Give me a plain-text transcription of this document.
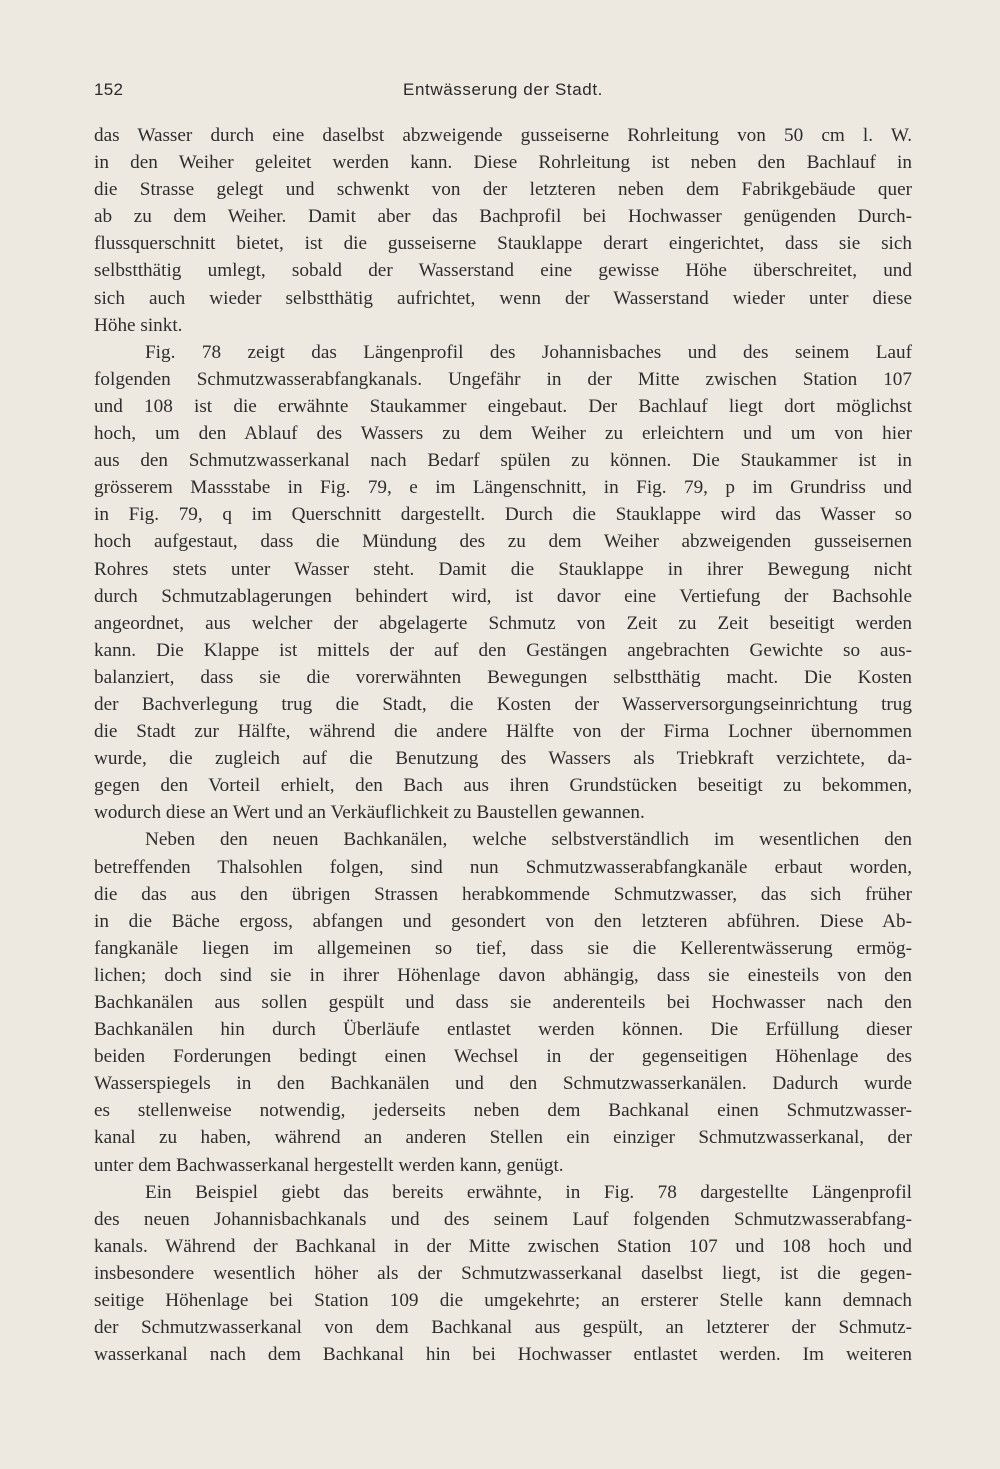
152	Entwässerung der Stadt.
das Wasser durch eine daselbst abzweigende gusseiserne Rohrleitung von 50 cm l. W.
in den Weiher geleitet werden kann. Diese Rohrleitung ist neben den Bachlauf in
die Strasse gelegt und schwenkt von der letzteren neben dem Fabrikgebäude quer
ab zu dem Weiher. Damit aber das Bachprofil bei Hochwasser genügenden Durch-
flussquerschnitt bietet, ist die gusseiserne Stauklappe derart eingerichtet, dass sie sich
selbstthätig umlegt, sobald der Wasserstand eine gewisse Höhe überschreitet, und
sich auch wieder selbstthätig aufrichtet, wenn der Wasserstand wieder unter diese
Höhe sinkt.
Fig. 78 zeigt das Längenprofil des Johannisbaches und des seinem Lauf
folgenden Schmutzwasserabfangkanals. Ungefähr in der Mitte zwischen Station 107
und 108 ist die erwähnte Staukammer eingebaut. Der Bachlauf liegt dort möglichst
hoch, um den Ablauf des Wassers zu dem Weiher zu erleichtern und um von hier
aus den Schmutzwasserkanal nach Bedarf spülen zu können. Die Staukammer ist in
grösserem Massstabe in Fig. 79, e im Längenschnitt, in Fig. 79, p im Grundriss und
in Fig. 79, q im Querschnitt dargestellt. Durch die Stauklappe wird das Wasser so
hoch aufgestaut, dass die Mündung des zu dem Weiher abzweigenden gusseisernen
Rohres stets unter Wasser steht. Damit die Stauklappe in ihrer Bewegung nicht
durch Schmutzablagerungen behindert wird, ist davor eine Vertiefung der Bachsohle
angeordnet, aus welcher der abgelagerte Schmutz von Zeit zu Zeit beseitigt werden
kann. Die Klappe ist mittels der auf den Gestängen angebrachten Gewichte so aus-
balanziert, dass sie die vorerwähnten Bewegungen selbstthätig macht. Die Kosten
der Bachverlegung trug die Stadt, die Kosten der Wasserversorgungseinrichtung trug
die Stadt zur Hälfte, während die andere Hälfte von der Firma Lochner übernommen
wurde, die zugleich auf die Benutzung des Wassers als Triebkraft verzichtete, da-
gegen den Vorteil erhielt, den Bach aus ihren Grundstücken beseitigt zu bekommen,
wodurch diese an Wert und an Verkäuflichkeit zu Baustellen gewannen.
Neben den neuen Bachkanälen, welche selbstverständlich im wesentlichen den
betreffenden Thalsohlen folgen, sind nun Schmutzwasserabfangkanäle erbaut worden,
die das aus den übrigen Strassen herabkommende Schmutzwasser, das sich früher
in die Bäche ergoss, abfangen und gesondert von den letzteren abführen. Diese Ab-
fangkanäle liegen im allgemeinen so tief, dass sie die Kellerentwässerung ermög-
lichen; doch sind sie in ihrer Höhenlage davon abhängig, dass sie einesteils von den
Bachkanälen aus sollen gespült und dass sie anderenteils bei Hochwasser nach den
Bachkanälen hin durch Überläufe entlastet werden können. Die Erfüllung dieser
beiden Forderungen bedingt einen Wechsel in der gegenseitigen Höhenlage des
Wasserspiegels in den Bachkanälen und den Schmutzwasserkanälen. Dadurch wurde
es stellenweise notwendig, jederseits neben dem Bachkanal einen Schmutzwasser-
kanal zu haben, während an anderen Stellen ein einziger Schmutzwasserkanal, der
unter dem Bachwasserkanal hergestellt werden kann, genügt.
Ein Beispiel giebt das bereits erwähnte, in Fig. 78 dargestellte Längenprofil
des neuen Johannisbachkanals und des seinem Lauf folgenden Schmutzwasserabfang-
kanals. Während der Bachkanal in der Mitte zwischen Station 107 und 108 hoch und
insbesondere wesentlich höher als der Schmutzwasserkanal daselbst liegt, ist die gegen-
seitige Höhenlage bei Station 109 die umgekehrte; an ersterer Stelle kann demnach
der Schmutzwasserkanal von dem Bachkanal aus gespült, an letzterer der Schmutz-
wasserkanal nach dem Bachkanal hin bei Hochwasser entlastet werden. Im weiteren
